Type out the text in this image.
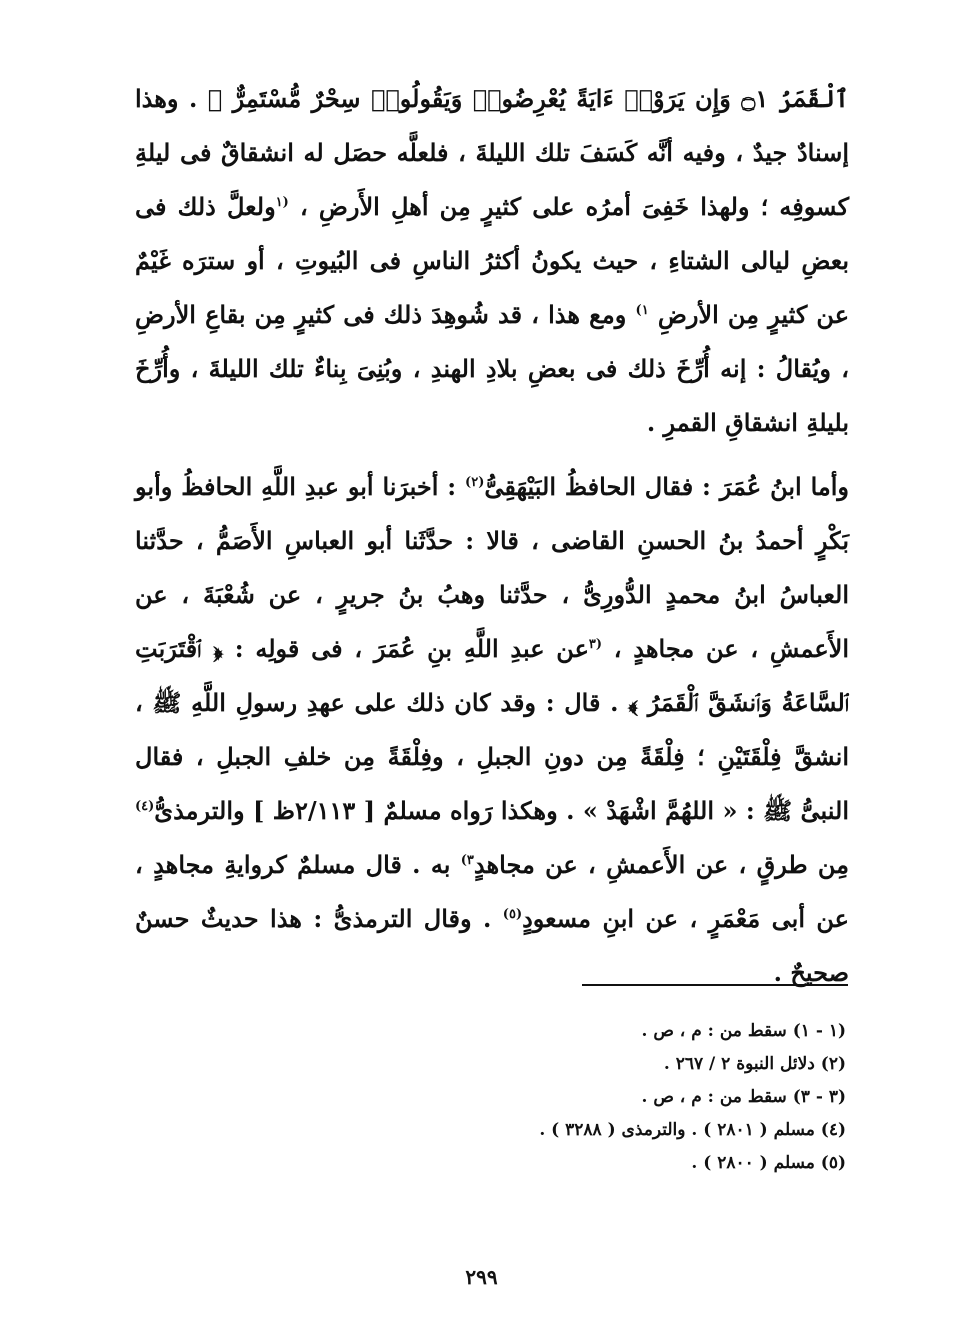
ٱلْقَمَرُ ۝١ وَإِن يَرَوْا۟ ءَايَةً يُعْرِضُوا۟ وَيَقُولُوا۟ سِحْرٌ مُّسْتَمِرٌّ ﴾ . وهذا إسنادٌ جيدٌ ، وفيه أنَّه كَسَفَ تلك الليلةَ ، فلعلَّه حصَل له انشقاقٌ فى ليلةِ كسوفِه ؛ ولهذا خَفِىَ أمرُه على كثيرٍ مِن أهلِ الأَرضِ ، $^{(١}$ولعلَّ ذلك فى بعضِ ليالى الشتاءِ ، حيث يكونُ أكثرُ الناسِ فى البُيوتِ ، أو سترَه غَيْمٌ عن كثيرٍ مِن الأرضِ $^{١)}$ ومع هذا ، قد شُوهِدَ ذلك فى كثيرٍ مِن بقاعِ الأرضِ ، ويُقالُ : إنه أُرِّخَ ذلك فى بعضِ بلادِ الهندِ ، وبُنِىَ بِناءٌ تلك الليلةَ ، وأُرِّخَ بليلةِ انشقاقِ القمرِ .

وأما ابنُ عُمَرَ : فقال الحافظُ البَيْهَقِىُّ$^{(٢)}$ : أخبرَنا أبو عبدِ اللَّهِ الحافظُ وأبو بَكْرٍ أحمدُ بنُ الحسنِ القاضى ، قالا : حدَّثَنا أبو العباسِ الأَصَمُّ ، حدَّثنا العباسُ ابنُ محمدٍ الدُّورِىُّ ، حدَّثنا وهبُ بنُ جريرٍ ، عن شُعْبَةَ ، عن الأَعمشِ ، عن مجاهدٍ ، $^{(٣}$عن عبدِ اللَّهِ بنِ عُمَرَ ، فى قولِه : ﴿ ٱقْتَرَبَتِ ٱلسَّاعَةُ وَٱنشَقَّ ٱلْقَمَرُ ﴾ . قال : وقد كان ذلك على عهدِ رسولِ اللَّهِ ﷺ ، انشقَّ فِلْقَتَيْنِ ؛ فِلْقَةً مِن دونِ الجبلِ ، وفِلْقَةً مِن خلفِ الجبلِ ، فقال النبىُّ ﷺ : « اللهُمَّ اشْهَدْ » . وهكذا رَواه مسلمٌ [ ٢/١١٣ظ ] والترمذىُّ$^{(٤)}$ مِن طرقٍ ، عن الأَعمشِ ، عن مجاهدٍ$^{٣)}$ به . قال مسلمٌ كروايةِ مجاهدٍ ، عن أبى مَعْمَرٍ ، عن ابنِ مسعودٍ$^{(٥)}$ . وقال الترمذىُّ : هذا حديثٌ حسنٌ صحيحٌ .

(١ - ١) سقط من : م ، ص .
(٢) دلائل النبوة ٢ / ٢٦٧ .
(٣ - ٣) سقط من : م ، ص .
(٤) مسلم ( ٢٨٠١ ) . والترمذى ( ٣٢٨٨ ) .
(٥) مسلم ( ٢٨٠٠ ) .
٢٩٩
